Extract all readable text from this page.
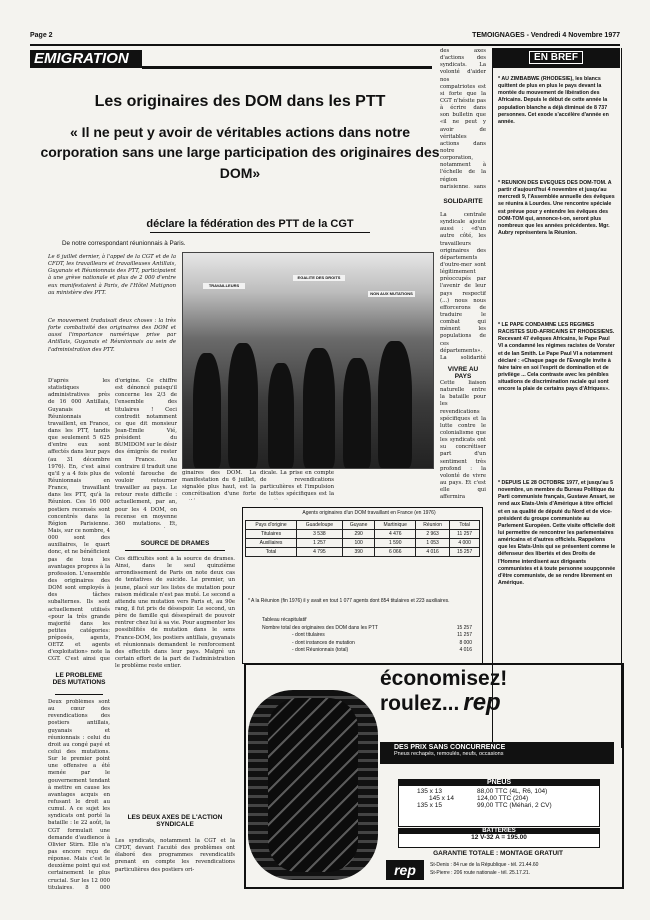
Page 2	TEMOIGNAGES - Vendredi 4 Novembre 1977
EMIGRATION
Les originaires des DOM dans les PTT
« Il ne peut y avoir de véritables actions dans notre corporation sans une large participation des originaires des DOM»
déclare la fédération des PTT de la CGT
De notre correspondant réunionnais à Paris.
Le 6 juillet dernier, à l'appel de la CGT et de la CFDT, les travailleurs et travailleuses Antillais, Guyanais et Réunionnais des PTT, participaient à une grève nationale et plus de 2 000 d'entre eux manifestaient à Paris, de l'Hôtel Matignon au ministère des PTT.
Ce mouvement traduisait deux choses : la très forte combativité des originaires des DOM et aussi l'importance numérique prise par Antillais, Guyanais et Réunionnais au sein de l'administration des PTT.
TRAVAILLEURS
EGALITE DES DROITS
NON AUX MUTATIONS
D'après les statistiques administratives près de 16 000 Antillais, Guyanais et Réunionnais travaillent, en France, dans les PTT, tandis que seulement 5 625 d'entre eux sont affectés dans leur pays (au 31 décembre 1976). En, c'est ainsi qu'il y a 4 fois plus de Réunionnais en France, travaillant dans les PTT, qu'à la Réunion. Ces 16 000 postiers recensés sont concentrés dans la Région Parisienne. Mais, sur ce nombre, 4 000 sont des auxiliaires, le quart donc, et ne bénéficient pas de tous les avantages propres à la profession. L'ensemble des originaires des DOM sont employés à des tâches subalternes. Ils sont actuellement utilisés «pour la très grande majorité dans les petites catégories: préposés, agents, OETZ et agents d'exploitation» note la CGT. C'est ainsi que
LE PROBLEME DES MUTATIONS
Deux problèmes sont au cœur des revendications des postiers antillais, guyanais et réunionnais : celui du droit au congé payé et celui des mutations. Sur le premier point une offensive a été menée par le gouvernement tendant à mettre en cause les avantages acquis en refusant le droit au cumul. A ce sujet les syndicats ont porté la bataille : le 22 août, la CGT formulait une demande d'audience à Olivier Stirn. Elle n'a pas encore reçu de réponse. Mais c'est le deuxième point qui est certainement le plus crucial. Sur les 12 000 titulaires, 8 000
d'origine. Ce chiffre est dénoncé puisqu'il concerne les 2/3 de l'ensemble des titulaires ! Ceci contredit notamment ce que dit monsieur Jean-Emile Vié, président du BUMIDOM sur le désir des émigrés de rester en France. Au contraire il traduit une volonté farouche de vouloir retourner travailler au pays. Le retour reste difficile : actuellement, par an, pour les 4 DOM, on recense en moyenne 360 mutations. Et,
SOURCE DE DRAMES
Ces difficultés sont à la source de drames. Ainsi, dans le seul quinzième arrondissement de Paris on note deux cas de tentatives de suicide. Le premier, un jeune, placé sur les listes de mutation pour raison médicale n'est pas muté. Le second a attendu une mutation vers Paris et, au 90e rang, il fut pris de désespoir. Le second, un père de famille qui désespérait de pouvoir rentrer chez lui à sa vie. Pour augmenter les possibilités de mutation dans le sens France-DOM, les postiers antillais, guyanais et réunionnais demandent le renforcement des effectifs dans leur pays. Malgré un certain effort de la part de l'administration le problème reste entier.
LES DEUX AXES DE L'ACTION SYNDICALE
Les syndicats, notamment la CGT et la CFDT, devant l'acuité des problèmes ont élaboré des programmes revendicatifs prenant en compte les revendications particulières des postiers ori-
ginaires des DOM. La manifestation du 6 juillet, signalée plus haut, est la concrétisation d'une forte
dicale. La prise en compte de revendications particulières et l'impulsion de luttes spécifiques est la
des axes d'actions des syndicats. La volonté d'aider nos compatriotes est si forte que la CGT n'hésite pas à écrire dans son bulletin que «il ne peut y avoir de véritables actions dans notre corporation, notamment à l'échelle de la région parisienne, sans
SOLIDARITE
La centrale syndicale ajoute aussi : «d'un autre côté, les travailleurs originaires des départements d'outre-mer sont légitimement préoccupés par l'avenir de leur pays respectif (...) nous nous efforcerons de traduire le combat qui mènent les populations de ces départements». La solidarité
VIVRE AU PAYS
Cette liaison naturelle entre la bataille pour les revendications spécifiques et la lutte contre le colonialisme que les syndicats ont su concrétiser part d'un sentiment très profond : la volonté de vivre au pays. Et c'est elle qui affermira
Agents originaires d'un DOM travaillant en France (en 1976)
Pays d'origine	Guadeloupe	Guyane	Martinique	Réunion	Total
Titulaires	3 538	290	4 476	2 963	11 257
Auxiliaires	1 257	100	1 590	1 053	4 000
Total	4 795	390	6 066	4 016	15 257
* A la Réunion (fin 1976) il y avait en tout 1 077 agents dont 854 titulaires et 223 auxiliaires.
Tableau récapitulatif
Nombre total des originaires des DOM dans les PTT	15 257
- dont titulaires	11 257
- dont instances de mutation	8 000
- dont Réunionnais (total)	4 016
EN BREF
* AU ZIMBABWE (RHODESIE), les blancs quittent de plus en plus le pays devant la montée du mouvement de libération des Africains. Depuis le début de cette année la population blanche a déjà diminué de 8 737 personnes. Cet exode s'accélère d'année en année.
* REUNION DES EVEQUES DES DOM-TOM. A partir d'aujourd'hui 4 novembre et jusqu'au mercredi 9, l'Assemblée annuelle des évêques se réunira à Lourdes. Une rencontre spéciale est prévue pour y entendre les évêques des DOM-TOM qui, annonce-t-on, seront plus nombreux que les années précédentes. Mgr. Aubry représentera la Réunion.
* LE PAPE CONDAMNE LES REGIMES RACISTES SUD-AFRICAINS ET RHODESIENS. Recevant 47 évêques Africains, le Pape Paul VI a condamné les régimes racistes de Vorster et de Ian Smith. Le Pape Paul VI a notamment déclaré : «Chaque page de l'Evangile invite à faire taire en soi l'esprit de domination et de privilège ... Cela contraste avec les pénibles situations de discrimination raciale qui sont encore la plaie de certains pays d'Afriques».
* DEPUIS LE 28 OCTOBRE 1977, et jusqu'au 5 novembre, un membre du Bureau Politique du Parti communiste français, Gustave Ansart, se rend aux Etats-Unis d'Amérique à titre officiel et en sa qualité de député du Nord et de vice-président du groupe communiste au Parlement Européen. Cette visite officielle doit lui permettre de rencontrer les parlementaires américains et d'autres officiels. Rappelons que les Etats-Unis qui se présentent comme le défenseur des libertés et des Droits de l'Homme interdisent aux dirigeants communistes et à toute personne soupçonnée d'être communiste, de se rendre librement en Amérique.
économisez!
roulez... rep
DES PRIX SANS CONCURRENCE
Pneus rechapés, remoulés, neufs, occasions
PNEUS
135 x 13	88,00 TTC (4L, R6, 104)
145 x 14	124,00 TTC (204)
135 x 15	99,00 TTC (Méhari, 2 CV)
BATTERIES
12 V-32 A = 195.00
GARANTIE TOTALE : MONTAGE GRATUIT
rep	St-Denis : 84 rue de la République - tél. 21.44.60
St-Pierre : 206 route nationale - tél. 25.17.21.
